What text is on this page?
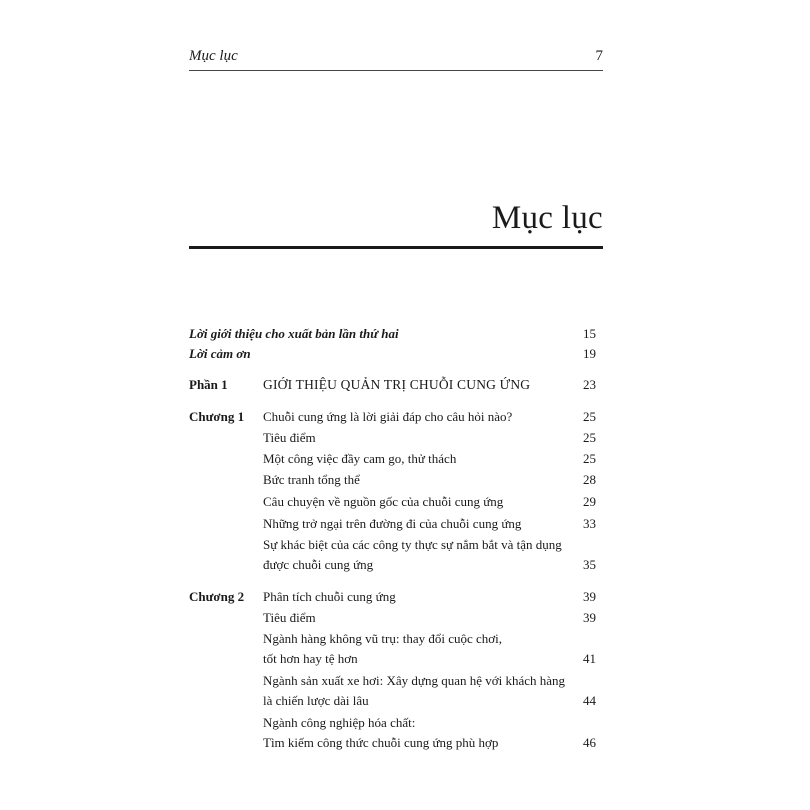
Mục lục	7
Mục lục
Lời giới thiệu cho xuất bản lần thứ hai	15
Lời cảm ơn	19
Phần 1	GIỚI THIỆU QUẢN TRỊ CHUỖI CUNG ỨNG	23
Chương 1 Chuỗi cung ứng là lời giải đáp cho câu hỏi nào?	25
Tiêu điểm	25
Một công việc đầy cam go, thử thách	25
Bức tranh tổng thể	28
Câu chuyện về nguồn gốc của chuỗi cung ứng	29
Những trở ngại trên đường đi của chuỗi cung ứng	33
Sự khác biệt của các công ty thực sự nắm bắt và tận dụng
được chuỗi cung ứng	35
Chương 2 Phân tích chuỗi cung ứng	39
Tiêu điểm	39
Ngành hàng không vũ trụ: thay đổi cuộc chơi,
tốt hơn hay tệ hơn	41
Ngành sản xuất xe hơi: Xây dựng quan hệ với khách hàng
là chiến lược dài lâu	44
Ngành công nghiệp hóa chất:
Tìm kiếm công thức chuỗi cung ứng phù hợp	46
